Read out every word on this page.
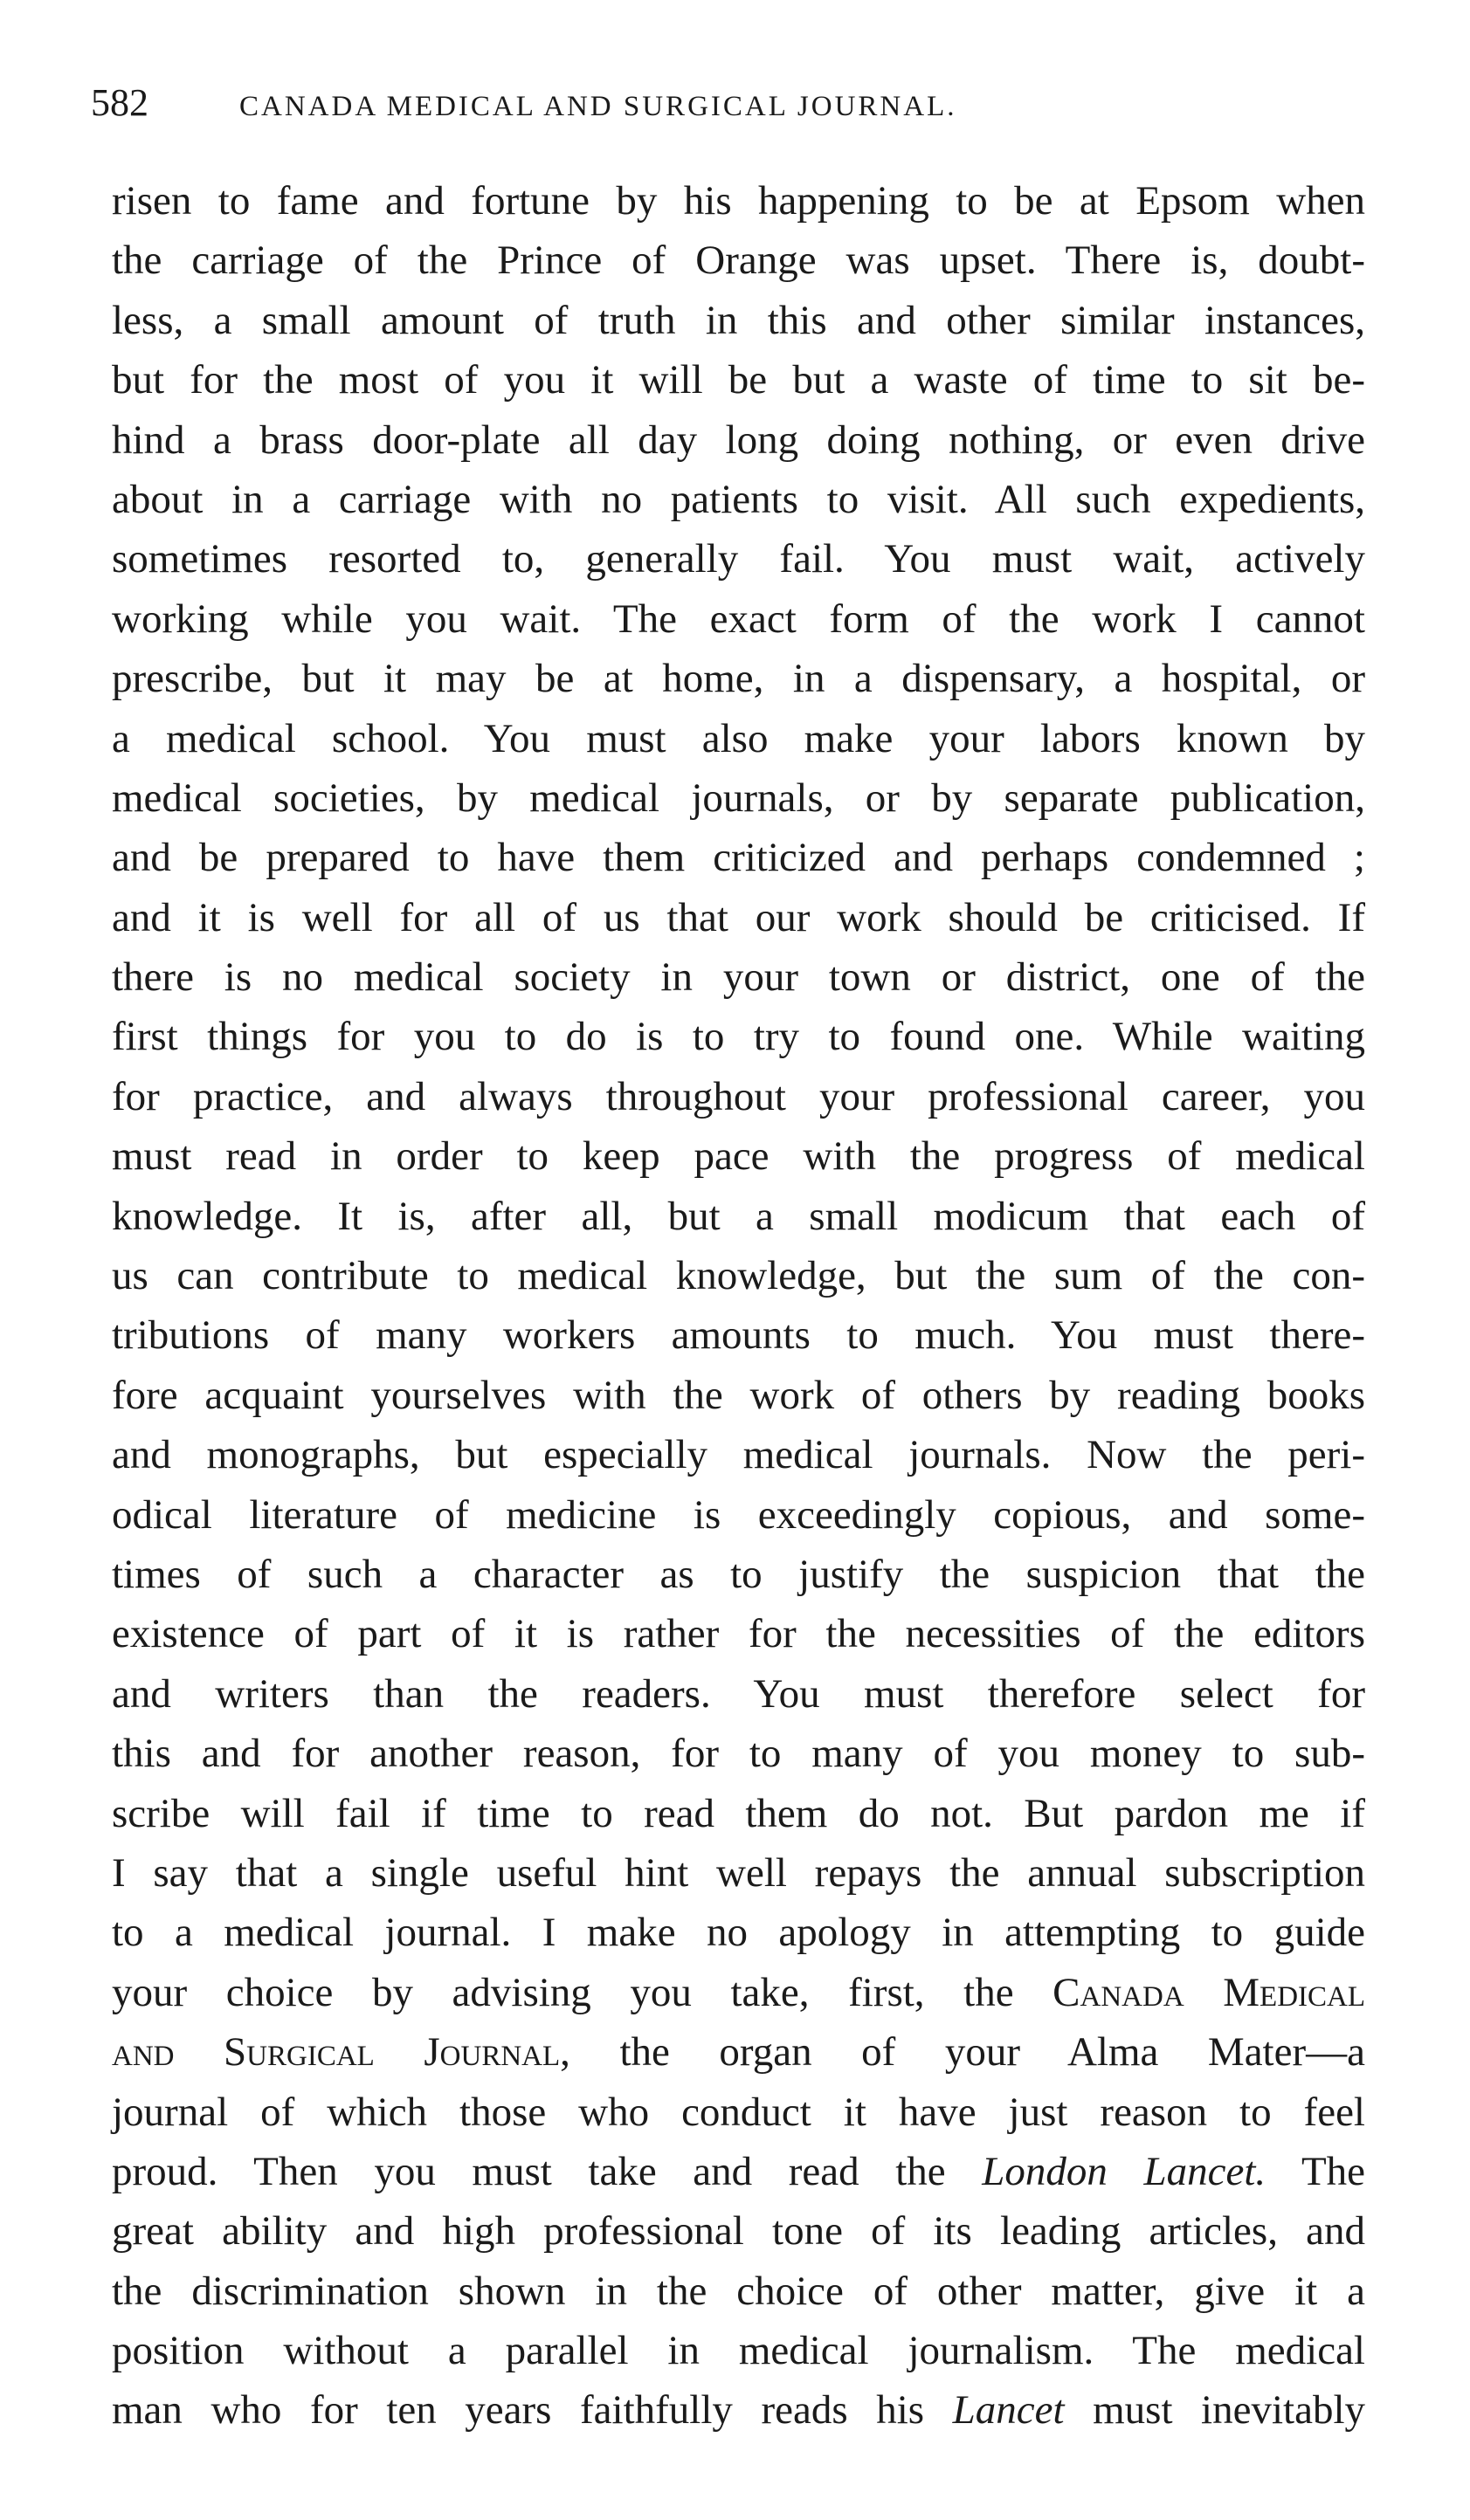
582	CANADA MEDICAL AND SURGICAL JOURNAL.
risen to fame and fortune by his happening to be at Epsom when
the carriage of the Prince of Orange was upset. There is, doubt-
less, a small amount of truth in this and other similar instances,
but for the most of you it will be but a waste of time to sit be-
hind a brass door-plate all day long doing nothing, or even drive
about in a carriage with no patients to visit. All such expedients,
sometimes resorted to, generally fail. You must wait, actively
working while you wait. The exact form of the work I cannot
prescribe, but it may be at home, in a dispensary, a hospital, or
a medical school. You must also make your labors known by
medical societies, by medical journals, or by separate publication,
and be prepared to have them criticized and perhaps condemned ;
and it is well for all of us that our work should be criticised. If
there is no medical society in your town or district, one of the
first things for you to do is to try to found one. While waiting
for practice, and always throughout your professional career, you
must read in order to keep pace with the progress of medical
knowledge. It is, after all, but a small modicum that each of
us can contribute to medical knowledge, but the sum of the con-
tributions of many workers amounts to much. You must there-
fore acquaint yourselves with the work of others by reading books
and monographs, but especially medical journals. Now the peri-
odical literature of medicine is exceedingly copious, and some-
times of such a character as to justify the suspicion that the
existence of part of it is rather for the necessities of the editors
and writers than the readers. You must therefore select for
this and for another reason, for to many of you money to sub-
scribe will fail if time to read them do not. But pardon me if
I say that a single useful hint well repays the annual subscription
to a medical journal. I make no apology in attempting to guide
your choice by advising you take, first, the Canada Medical
and Surgical Journal, the organ of your Alma Mater—a
journal of which those who conduct it have just reason to feel
proud. Then you must take and read the London Lancet. The
great ability and high professional tone of its leading articles, and
the discrimination shown in the choice of other matter, give it a
position without a parallel in medical journalism. The medical
man who for ten years faithfully reads his Lancet must inevitably
